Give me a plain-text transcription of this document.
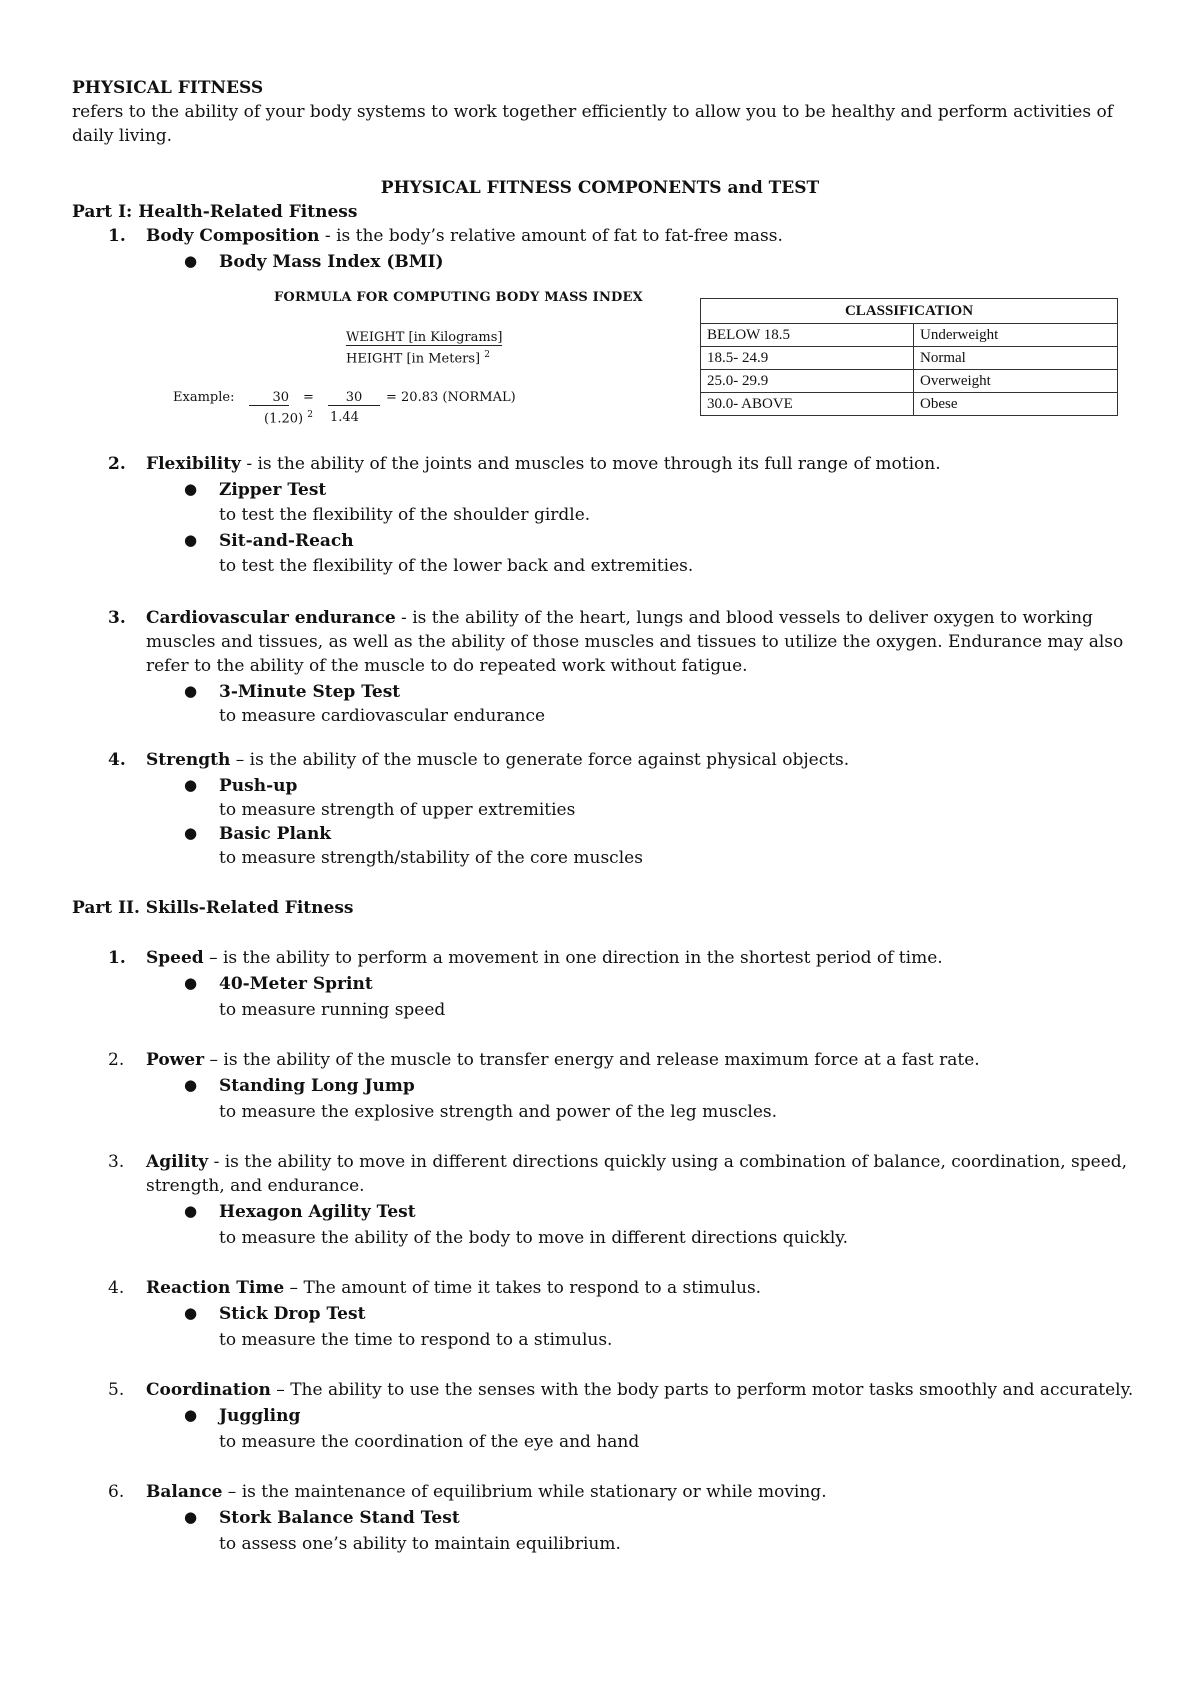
PHYSICAL FITNESS
refers to the ability of your body systems to work together efficiently to allow you to be healthy and perform activities of daily living.
PHYSICAL FITNESS COMPONENTS and TEST
Part I: Health-Related Fitness
1. Body Composition - is the body’s relative amount of fat to fat-free mass.
● Body Mass Index (BMI)
FORMULA FOR COMPUTING BODY MASS INDEX
WEIGHT [in Kilograms]
HEIGHT [in Meters] $^2$
Example:	30 =	30	= 20.83 (NORMAL)
(1.20) $^2$ 1.44
CLASSIFICATION	
BELOW 18.5	Underweight
18.5- 24.9	Normal
25.0- 29.9	Overweight
30.0- ABOVE	Obese
2. Flexibility - is the ability of the joints and muscles to move through its full range of motion.
● Zipper Test
to test the flexibility of the shoulder girdle.
● Sit-and-Reach
to test the flexibility of the lower back and extremities.
3. Cardiovascular endurance - is the ability of the heart, lungs and blood vessels to deliver oxygen to working muscles and tissues, as well as the ability of those muscles and tissues to utilize the oxygen. Endurance may also refer to the ability of the muscle to do repeated work without fatigue.
● 3-Minute Step Test
to measure cardiovascular endurance
4. Strength – is the ability of the muscle to generate force against physical objects.
● Push-up
to measure strength of upper extremities
● Basic Plank
to measure strength/stability of the core muscles
Part II. Skills-Related Fitness
1. Speed – is the ability to perform a movement in one direction in the shortest period of time.
● 40-Meter Sprint
to measure running speed
2. Power – is the ability of the muscle to transfer energy and release maximum force at a fast rate.
● Standing Long Jump
to measure the explosive strength and power of the leg muscles.
3. Agility - is the ability to move in different directions quickly using a combination of balance, coordination, speed, strength, and endurance.
● Hexagon Agility Test
to measure the ability of the body to move in different directions quickly.
4. Reaction Time – The amount of time it takes to respond to a stimulus.
● Stick Drop Test
to measure the time to respond to a stimulus.
5. Coordination – The ability to use the senses with the body parts to perform motor tasks smoothly and accurately.
● Juggling
to measure the coordination of the eye and hand
6. Balance – is the maintenance of equilibrium while stationary or while moving.
● Stork Balance Stand Test
to assess one’s ability to maintain equilibrium.
